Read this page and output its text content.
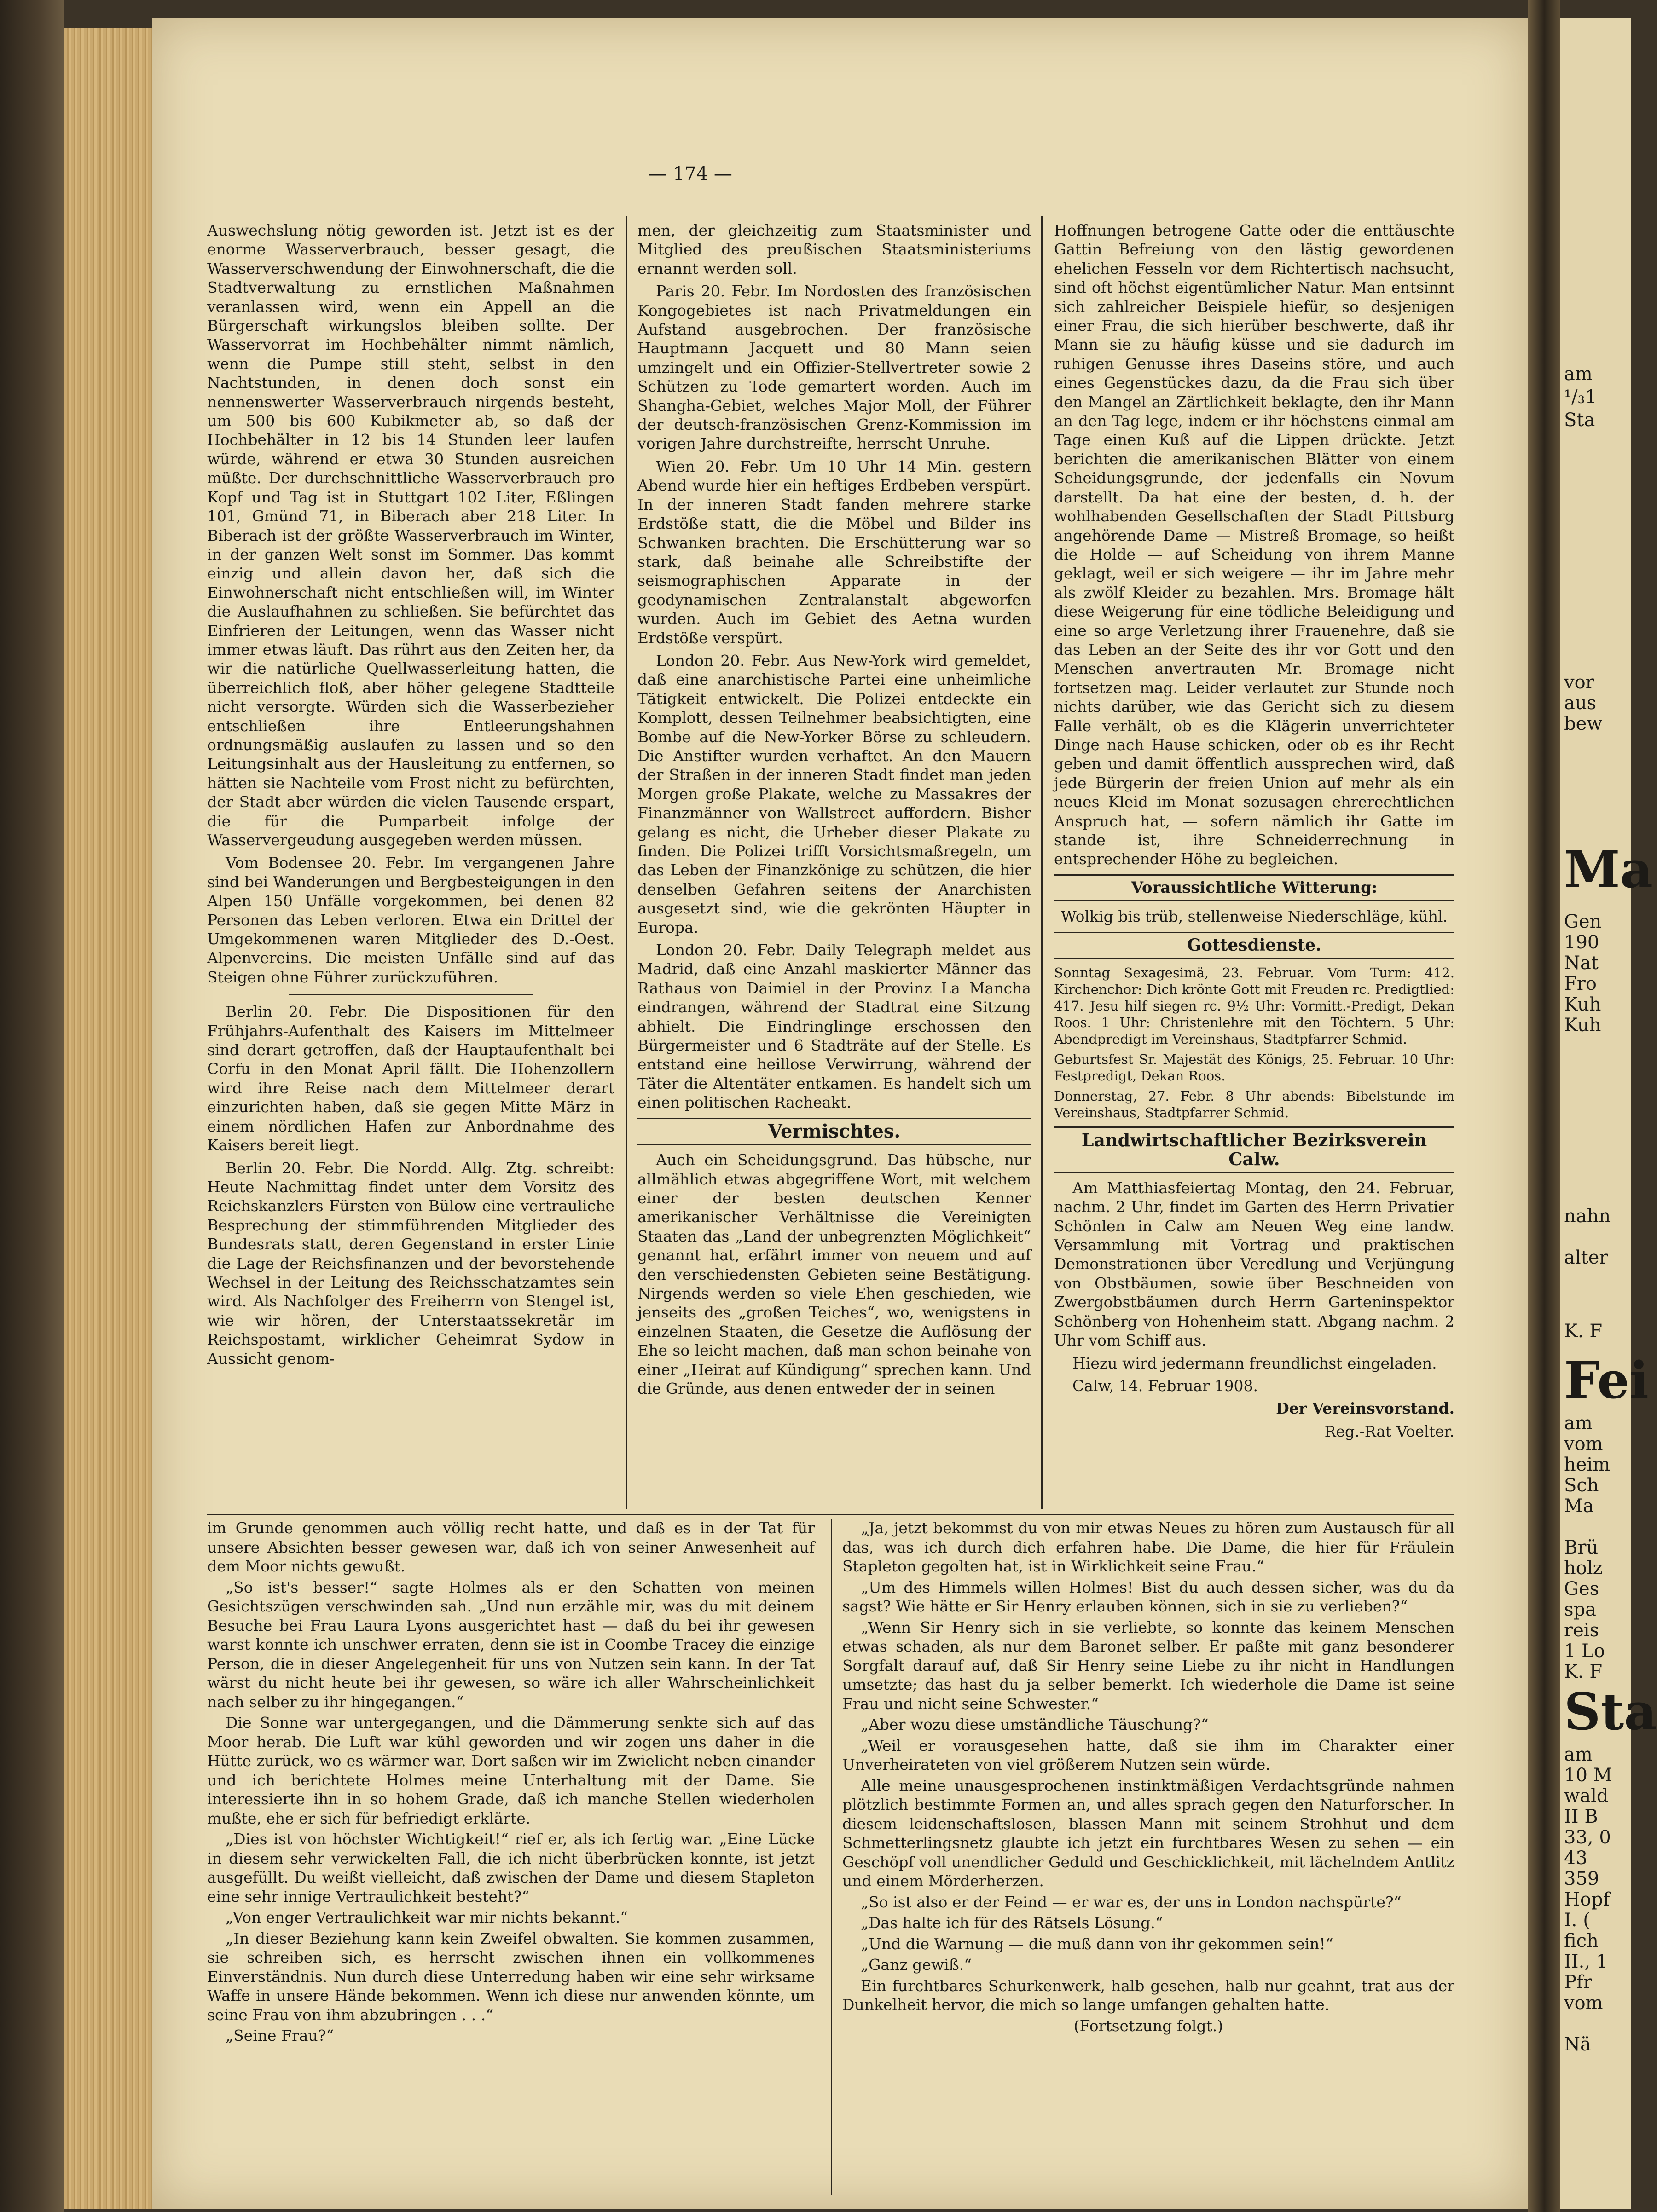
am
¹/₃1
Sta
vor
aus
bew
Ma
Gen
190
Nat
Fro
Kuh
Kuh
nahn
alter
K. F
Fei
am
vom
heim
Sch
Ma
Brü
holz
Ges
spa
reis
1 Lo
K. F
Sta
am
10 M
wald
II B
33, 0
43
359
Hopf
I. (
fich
II., 1
Pfr
vom
Nä
— 174 —

Auswechslung nötig geworden ist. Jetzt ist es der enorme Wasserverbrauch, besser gesagt, die Wasserverschwendung der Einwohnerschaft, die die Stadtverwaltung zu ernstlichen Maßnahmen veranlassen wird, wenn ein Appell an die Bürgerschaft wirkungslos bleiben sollte. Der Wasservorrat im Hochbehälter nimmt nämlich, wenn die Pumpe still steht, selbst in den Nachtstunden, in denen doch sonst ein nennenswerter Wasserverbrauch nirgends besteht, um 500 bis 600 Kubikmeter ab, so daß der Hochbehälter in 12 bis 14 Stunden leer laufen würde, während er etwa 30 Stunden ausreichen müßte. Der durchschnittliche Wasserverbrauch pro Kopf und Tag ist in Stuttgart 102 Liter, Eßlingen 101, Gmünd 71, in Biberach aber 218 Liter. In Biberach ist der größte Wasserverbrauch im Winter, in der ganzen Welt sonst im Sommer. Das kommt einzig und allein davon her, daß sich die Einwohnerschaft nicht entschließen will, im Winter die Auslaufhahnen zu schließen. Sie befürchtet das Einfrieren der Leitungen, wenn das Wasser nicht immer etwas läuft. Das rührt aus den Zeiten her, da wir die natürliche Quellwasserleitung hatten, die überreichlich floß, aber höher gelegene Stadtteile nicht versorgte. Würden sich die Wasserbezieher entschließen ihre Entleerungshahnen ordnungsmäßig auslaufen zu lassen und so den Leitungsinhalt aus der Hausleitung zu entfernen, so hätten sie Nachteile vom Frost nicht zu befürchten, der Stadt aber würden die vielen Tausende erspart, die für die Pumparbeit infolge der Wasservergeudung ausgegeben werden müssen.

Vom Bodensee 20. Febr. Im vergangenen Jahre sind bei Wanderungen und Bergbesteigungen in den Alpen 150 Unfälle vorgekommen, bei denen 82 Personen das Leben verloren. Etwa ein Drittel der Umgekommenen waren Mitglieder des D.-Oest. Alpenvereins. Die meisten Unfälle sind auf das Steigen ohne Führer zurückzuführen.

Berlin 20. Febr. Die Dispositionen für den Frühjahrs-Aufenthalt des Kaisers im Mittelmeer sind derart getroffen, daß der Hauptaufenthalt bei Corfu in den Monat April fällt. Die Hohenzollern wird ihre Reise nach dem Mittelmeer derart einzurichten haben, daß sie gegen Mitte März in einem nördlichen Hafen zur Anbordnahme des Kaisers bereit liegt.

Berlin 20. Febr. Die Nordd. Allg. Ztg. schreibt: Heute Nachmittag findet unter dem Vorsitz des Reichskanzlers Fürsten von Bülow eine vertrauliche Besprechung der stimmführenden Mitglieder des Bundesrats statt, deren Gegenstand in erster Linie die Lage der Reichsfinanzen und der bevorstehende Wechsel in der Leitung des Reichsschatzamtes sein wird. Als Nachfolger des Freiherrn von Stengel ist, wie wir hören, der Unterstaatssekretär im Reichspostamt, wirklicher Geheimrat Sydow in Aussicht genom-

men, der gleichzeitig zum Staatsminister und Mitglied des preußischen Staatsministeriums ernannt werden soll.

Paris 20. Febr. Im Nordosten des französischen Kongogebietes ist nach Privatmeldungen ein Aufstand ausgebrochen. Der französische Hauptmann Jacquett und 80 Mann seien umzingelt und ein Offizier-Stellvertreter sowie 2 Schützen zu Tode gemartert worden. Auch im Shangha-Gebiet, welches Major Moll, der Führer der deutsch-französischen Grenz-Kommission im vorigen Jahre durchstreifte, herrscht Unruhe.

Wien 20. Febr. Um 10 Uhr 14 Min. gestern Abend wurde hier ein heftiges Erdbeben verspürt. In der inneren Stadt fanden mehrere starke Erdstöße statt, die die Möbel und Bilder ins Schwanken brachten. Die Erschütterung war so stark, daß beinahe alle Schreibstifte der seismographischen Apparate in der geodynamischen Zentralanstalt abgeworfen wurden. Auch im Gebiet des Aetna wurden Erdstöße verspürt.

London 20. Febr. Aus New-York wird gemeldet, daß eine anarchistische Partei eine unheimliche Tätigkeit entwickelt. Die Polizei entdeckte ein Komplott, dessen Teilnehmer beabsichtigten, eine Bombe auf die New-Yorker Börse zu schleudern. Die Anstifter wurden verhaftet. An den Mauern der Straßen in der inneren Stadt findet man jeden Morgen große Plakate, welche zu Massakres der Finanzmänner von Wallstreet auffordern. Bisher gelang es nicht, die Urheber dieser Plakate zu finden. Die Polizei trifft Vorsichtsmaßregeln, um das Leben der Finanzkönige zu schützen, die hier denselben Gefahren seitens der Anarchisten ausgesetzt sind, wie die gekrönten Häupter in Europa.

London 20. Febr. Daily Telegraph meldet aus Madrid, daß eine Anzahl maskierter Männer das Rathaus von Daimiel in der Provinz La Mancha eindrangen, während der Stadtrat eine Sitzung abhielt. Die Eindringlinge erschossen den Bürgermeister und 6 Stadträte auf der Stelle. Es entstand eine heillose Verwirrung, während der Täter die Altentäter entkamen. Es handelt sich um einen politischen Racheakt.

Vermischtes.

Auch ein Scheidungsgrund. Das hübsche, nur allmählich etwas abgegriffene Wort, mit welchem einer der besten deutschen Kenner amerikanischer Verhältnisse die Vereinigten Staaten das „Land der unbegrenzten Möglichkeit“ genannt hat, erfährt immer von neuem und auf den verschiedensten Gebieten seine Bestätigung. Nirgends werden so viele Ehen geschieden, wie jenseits des „großen Teiches“, wo, wenigstens in einzelnen Staaten, die Gesetze die Auflösung der Ehe so leicht machen, daß man schon beinahe von einer „Heirat auf Kündigung“ sprechen kann. Und die Gründe, aus denen entweder der in seinen

Hoffnungen betrogene Gatte oder die enttäuschte Gattin Befreiung von den lästig gewordenen ehelichen Fesseln vor dem Richtertisch nachsucht, sind oft höchst eigentümlicher Natur. Man entsinnt sich zahlreicher Beispiele hiefür, so desjenigen einer Frau, die sich hierüber beschwerte, daß ihr Mann sie zu häufig küsse und sie dadurch im ruhigen Genusse ihres Daseins störe, und auch eines Gegenstückes dazu, da die Frau sich über den Mangel an Zärtlichkeit beklagte, den ihr Mann an den Tag lege, indem er ihr höchstens einmal am Tage einen Kuß auf die Lippen drückte. Jetzt berichten die amerikanischen Blätter von einem Scheidungsgrunde, der jedenfalls ein Novum darstellt. Da hat eine der besten, d. h. der wohlhabenden Gesellschaften der Stadt Pittsburg angehörende Dame — Mistreß Bromage, so heißt die Holde — auf Scheidung von ihrem Manne geklagt, weil er sich weigere — ihr im Jahre mehr als zwölf Kleider zu bezahlen. Mrs. Bromage hält diese Weigerung für eine tödliche Beleidigung und eine so arge Verletzung ihrer Frauenehre, daß sie das Leben an der Seite des ihr vor Gott und den Menschen anvertrauten Mr. Bromage nicht fortsetzen mag. Leider verlautet zur Stunde noch nichts darüber, wie das Gericht sich zu diesem Falle verhält, ob es die Klägerin unverrichteter Dinge nach Hause schicken, oder ob es ihr Recht geben und damit öffentlich aussprechen wird, daß jede Bürgerin der freien Union auf mehr als ein neues Kleid im Monat sozusagen ehrerechtlichen Anspruch hat, — sofern nämlich ihr Gatte im stande ist, ihre Schneiderrechnung in entsprechender Höhe zu begleichen.

Voraussichtliche Witterung:

Wolkig bis trüb, stellenweise Niederschläge, kühl.

Gottesdienste.

Sonntag Sexagesimä, 23. Februar. Vom Turm: 412. Kirchenchor: Dich krönte Gott mit Freuden rc. Predigtlied: 417. Jesu hilf siegen rc. 9½ Uhr: Vormitt.-Predigt, Dekan Roos. 1 Uhr: Christenlehre mit den Töchtern. 5 Uhr: Abendpredigt im Vereinshaus, Stadtpfarrer Schmid.

Geburtsfest Sr. Majestät des Königs, 25. Februar. 10 Uhr: Festpredigt, Dekan Roos.

Donnerstag, 27. Febr. 8 Uhr abends: Bibelstunde im Vereinshaus, Stadtpfarrer Schmid.

Landwirtschaftlicher Bezirksverein Calw.

Am Matthiasfeiertag Montag, den 24. Februar, nachm. 2 Uhr, findet im Garten des Herrn Privatier Schönlen in Calw am Neuen Weg eine landw. Versammlung mit Vortrag und praktischen Demonstrationen über Veredlung und Verjüngung von Obstbäumen, sowie über Beschneiden von Zwergobstbäumen durch Herrn Garteninspektor Schönberg von Hohenheim statt. Abgang nachm. 2 Uhr vom Schiff aus.

Hiezu wird jedermann freundlichst eingeladen.

Calw, 14. Februar 1908.

Der Vereinsvorstand.

Reg.-Rat Voelter.

im Grunde genommen auch völlig recht hatte, und daß es in der Tat für unsere Absichten besser gewesen war, daß ich von seiner Anwesenheit auf dem Moor nichts gewußt.

„So ist's besser!“ sagte Holmes als er den Schatten von meinen Gesichtszügen verschwinden sah. „Und nun erzähle mir, was du mit deinem Besuche bei Frau Laura Lyons ausgerichtet hast — daß du bei ihr gewesen warst konnte ich unschwer erraten, denn sie ist in Coombe Tracey die einzige Person, die in dieser Angelegenheit für uns von Nutzen sein kann. In der Tat wärst du nicht heute bei ihr gewesen, so wäre ich aller Wahrscheinlichkeit nach selber zu ihr hingegangen.“

Die Sonne war untergegangen, und die Dämmerung senkte sich auf das Moor herab. Die Luft war kühl geworden und wir zogen uns daher in die Hütte zurück, wo es wärmer war. Dort saßen wir im Zwielicht neben einander und ich berichtete Holmes meine Unterhaltung mit der Dame. Sie interessierte ihn in so hohem Grade, daß ich manche Stellen wiederholen mußte, ehe er sich für befriedigt erklärte.

„Dies ist von höchster Wichtigkeit!“ rief er, als ich fertig war. „Eine Lücke in diesem sehr verwickelten Fall, die ich nicht überbrücken konnte, ist jetzt ausgefüllt. Du weißt vielleicht, daß zwischen der Dame und diesem Stapleton eine sehr innige Vertraulichkeit besteht?“

„Von enger Vertraulichkeit war mir nichts bekannt.“

„In dieser Beziehung kann kein Zweifel obwalten. Sie kommen zusammen, sie schreiben sich, es herrscht zwischen ihnen ein vollkommenes Einverständnis. Nun durch diese Unterredung haben wir eine sehr wirksame Waffe in unsere Hände bekommen. Wenn ich diese nur anwenden könnte, um seine Frau von ihm abzubringen . . .“

„Seine Frau?“

„Ja, jetzt bekommst du von mir etwas Neues zu hören zum Austausch für all das, was ich durch dich erfahren habe. Die Dame, die hier für Fräulein Stapleton gegolten hat, ist in Wirklichkeit seine Frau.“

„Um des Himmels willen Holmes! Bist du auch dessen sicher, was du da sagst? Wie hätte er Sir Henry erlauben können, sich in sie zu verlieben?“

„Wenn Sir Henry sich in sie verliebte, so konnte das keinem Menschen etwas schaden, als nur dem Baronet selber. Er paßte mit ganz besonderer Sorgfalt darauf auf, daß Sir Henry seine Liebe zu ihr nicht in Handlungen umsetzte; das hast du ja selber bemerkt. Ich wiederhole die Dame ist seine Frau und nicht seine Schwester.“

„Aber wozu diese umständliche Täuschung?“

„Weil er vorausgesehen hatte, daß sie ihm im Charakter einer Unverheirateten von viel größerem Nutzen sein würde.

Alle meine unausgesprochenen instinktmäßigen Verdachtsgründe nahmen plötzlich bestimmte Formen an, und alles sprach gegen den Naturforscher. In diesem leidenschaftslosen, blassen Mann mit seinem Strohhut und dem Schmetterlingsnetz glaubte ich jetzt ein furchtbares Wesen zu sehen — ein Geschöpf voll unendlicher Geduld und Geschicklichkeit, mit lächelndem Antlitz und einem Mörderherzen.

„So ist also er der Feind — er war es, der uns in London nachspürte?“

„Das halte ich für des Rätsels Lösung.“

„Und die Warnung — die muß dann von ihr gekommen sein!“

„Ganz gewiß.“

Ein furchtbares Schurkenwerk, halb gesehen, halb nur geahnt, trat aus der Dunkelheit hervor, die mich so lange umfangen gehalten hatte.

(Fortsetzung folgt.)
